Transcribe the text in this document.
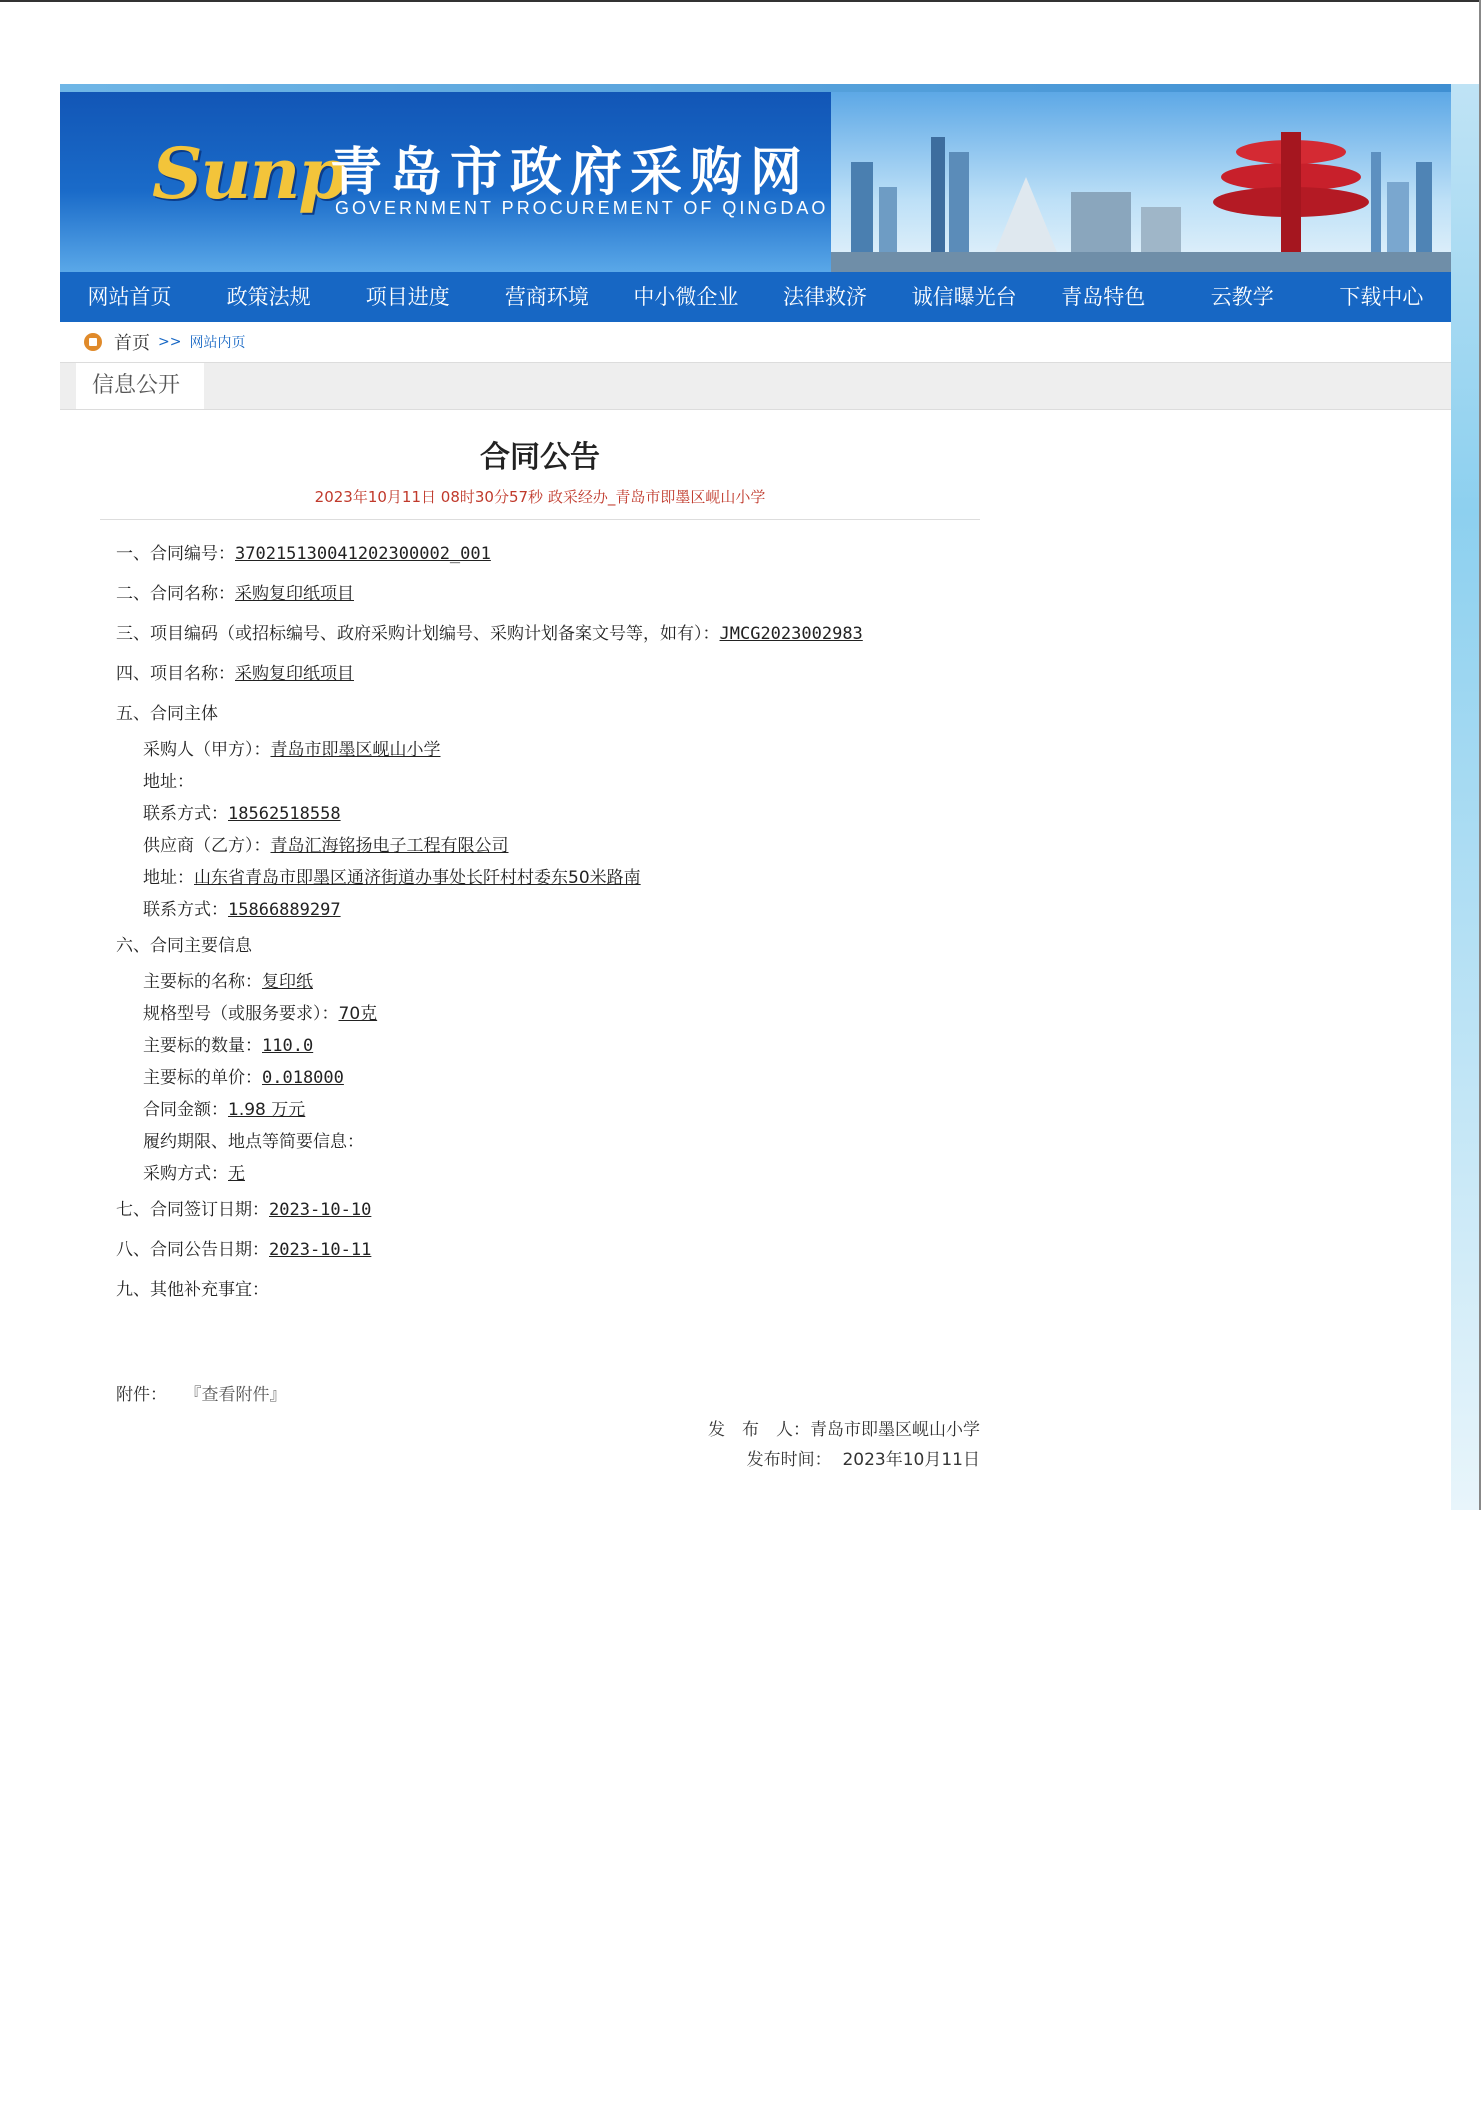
Sunp
青岛市政府采购网
GOVERNMENT PROCUREMENT OF QINGDAO
网站首页	政策法规	项目进度	营商环境	中小微企业	法律救济	诚信曝光台	青岛特色	云教学	下载中心
首页 >> 网站内页
信息公开
合同公告
2023年10月11日 08时30分57秒 政采经办_青岛市即墨区岘山小学
一、合同编号：370215130041202300002_001
二、合同名称：采购复印纸项目
三、项目编码（或招标编号、政府采购计划编号、采购计划备案文号等，如有）：JMCG2023002983
四、项目名称：采购复印纸项目
五、合同主体
采购人（甲方）：青岛市即墨区岘山小学
地址：
联系方式：18562518558
供应商（乙方）：青岛汇海铭扬电子工程有限公司
地址：山东省青岛市即墨区通济街道办事处长阡村村委东50米路南
联系方式：15866889297
六、合同主要信息
主要标的名称：复印纸
规格型号（或服务要求）：70克
主要标的数量：110.0
主要标的单价：0.018000
合同金额：1.98 万元
履约期限、地点等简要信息：
采购方式：无
七、合同签订日期：2023-10-10
八、合同公告日期：2023-10-11
九、其他补充事宜：
附件： 『查看附件』
发　布　人：青岛市即墨区岘山小学
发布时间： 2023年10月11日
